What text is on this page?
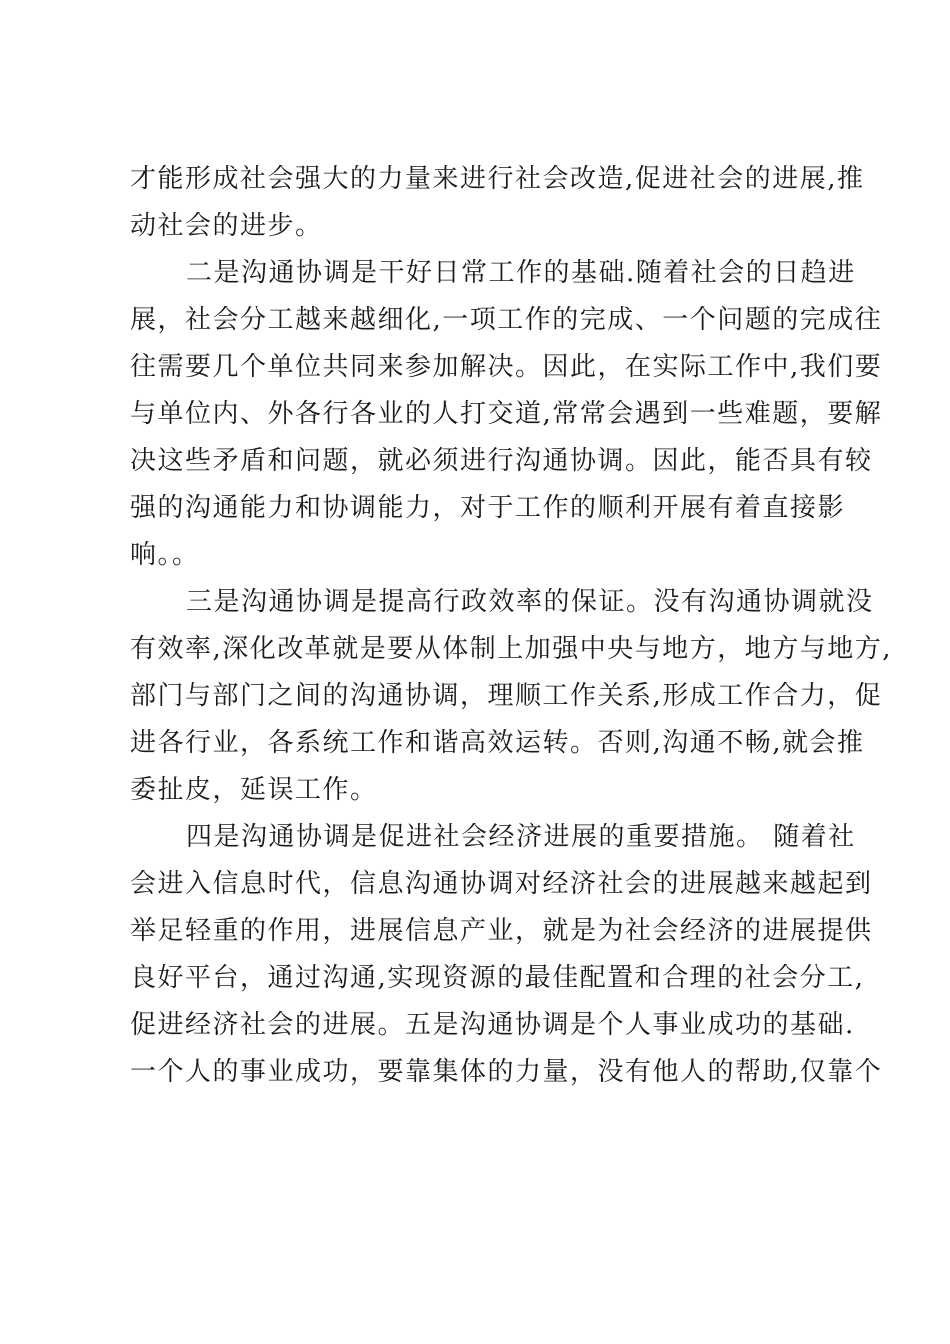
才能形成社会强大的力量来进行社会改造,促进社会的进展,推
动社会的进步。
二是沟通协调是干好日常工作的基础.随着社会的日趋进
展，社会分工越来越细化,一项工作的完成、一个问题的完成往
往需要几个单位共同来参加解决。因此，在实际工作中,我们要
与单位内、外各行各业的人打交道,常常会遇到一些难题，要解
决这些矛盾和问题，就必须进行沟通协调。因此，能否具有较
强的沟通能力和协调能力，对于工作的顺利开展有着直接影
响。。
三是沟通协调是提高行政效率的保证。没有沟通协调就没
有效率,深化改革就是要从体制上加强中央与地方，地方与地方,
部门与部门之间的沟通协调，理顺工作关系,形成工作合力，促
进各行业，各系统工作和谐高效运转。否则,沟通不畅,就会推
委扯皮，延误工作。
四是沟通协调是促进社会经济进展的重要措施。 随着社
会进入信息时代，信息沟通协调对经济社会的进展越来越起到
举足轻重的作用，进展信息产业，就是为社会经济的进展提供
良好平台，通过沟通,实现资源的最佳配置和合理的社会分工,
促进经济社会的进展。五是沟通协调是个人事业成功的基础.
一个人的事业成功，要靠集体的力量，没有他人的帮助,仅靠个
